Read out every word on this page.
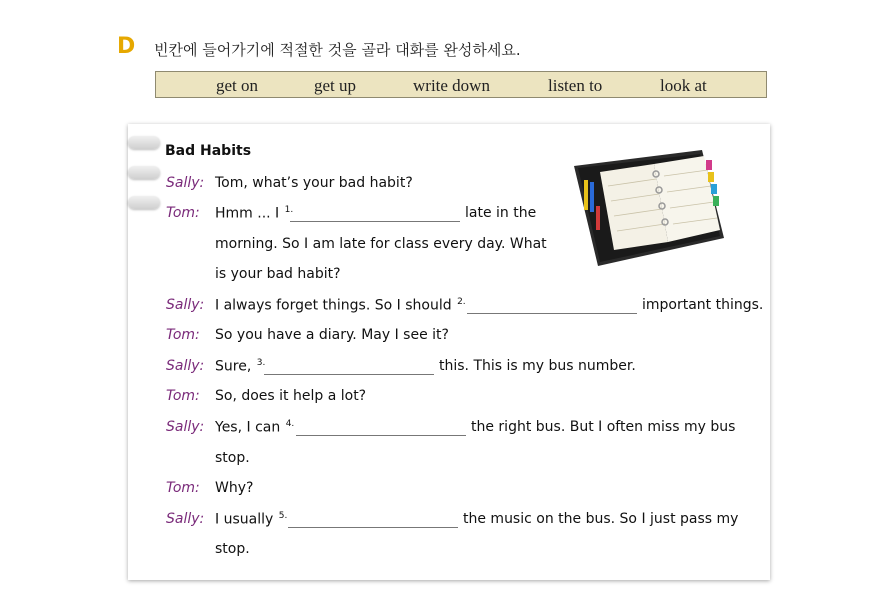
D 빈칸에 들어가기에 적절한 것을 골라 대화를 완성하세요.
get on	get up	write down	listen to	look at
Bad Habits
Sally: Tom, what’s your bad habit?
Tom: Hmm ... I $^{1.}$	late in the
morning. So I am late for class every day. What
is your bad habit?
Sally: I always forget things. So I should $^{2.}$	important things.
Tom: So you have a diary. May I see it?
Sally: Sure, $^{3.}$	this. This is my bus number.
Tom: So, does it help a lot?
Sally: Yes, I can $^{4.}$	the right bus. But I often miss my bus
stop.
Tom: Why?
Sally: I usually $^{5.}$	the music on the bus. So I just pass my
stop.
